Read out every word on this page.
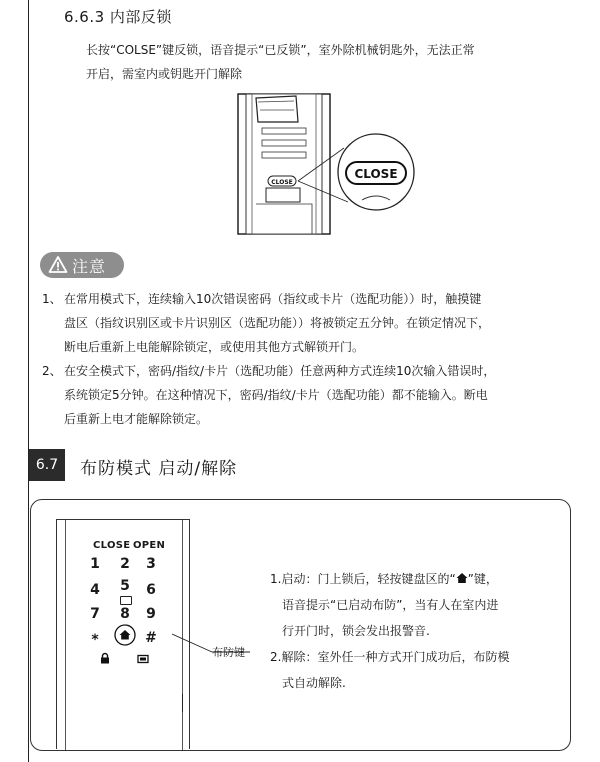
6.6.3 内部反锁
长按“COLSE”键反锁，语音提示“已反锁”，室外除机械钥匙外，无法正常
开启，需室内或钥匙开门解除
CLOSE
CLOSE
注意
1、 在常用模式下，连续输入10次错误密码（指纹或卡片（选配功能））时，触摸键
盘区（指纹识别区或卡片识别区（选配功能））将被锁定五分钟。在锁定情况下，
断电后重新上电能解除锁定，或使用其他方式解锁开门。
2、 在安全模式下，密码/指纹/卡片（选配功能）任意两种方式连续10次输入错误时，
系统锁定5分钟。在这种情况下，密码/指纹/卡片（选配功能）都不能输入。断电
后重新上电才能解除锁定。
6.7	布防模式 启动/解除
CLOSE OPEN
1	2	3
4	5	6
7	8	9
*	#
布防键
1.启动：门上锁后，轻按键盘区的“ ”键，
语音提示“已启动布防”，当有人在室内进
行开门时，锁会发出报警音.
2.解除：室外任一种方式开门成功后，布防模
式自动解除.
